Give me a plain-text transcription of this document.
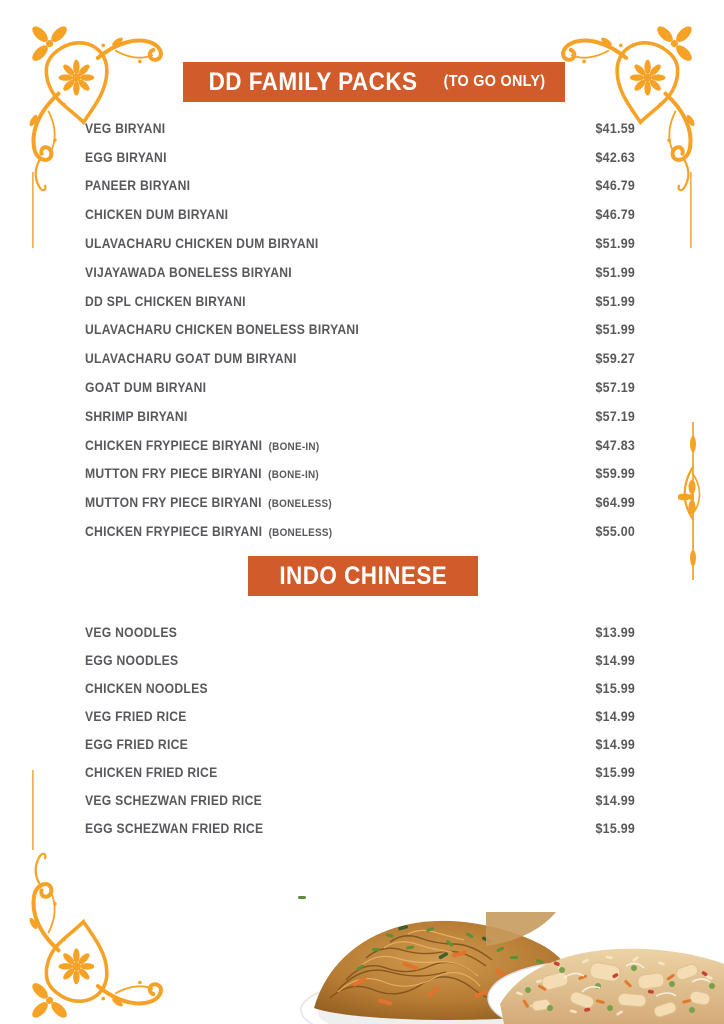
DD FAMILY PACKS (TO GO ONLY)
VEG BIRYANI	$41.59
EGG BIRYANI	$42.63
PANEER BIRYANI	$46.79
CHICKEN DUM BIRYANI	$46.79
ULAVACHARU CHICKEN DUM BIRYANI	$51.99
VIJAYAWADA BONELESS BIRYANI	$51.99
DD SPL CHICKEN BIRYANI	$51.99
ULAVACHARU CHICKEN BONELESS BIRYANI	$51.99
ULAVACHARU GOAT DUM BIRYANI	$59.27
GOAT DUM BIRYANI	$57.19
SHRIMP BIRYANI	$57.19
CHICKEN FRYPIECE BIRYANI (BONE-IN)	$47.83
MUTTON FRY PIECE BIRYANI (BONE-IN)	$59.99
MUTTON FRY PIECE BIRYANI (BONELESS)	$64.99
CHICKEN FRYPIECE BIRYANI (BONELESS)	$55.00
INDO CHINESE
VEG NOODLES	$13.99
EGG NOODLES	$14.99
CHICKEN NOODLES	$15.99
VEG FRIED RICE	$14.99
EGG FRIED RICE	$14.99
CHICKEN FRIED RICE	$15.99
VEG SCHEZWAN FRIED RICE	$14.99
EGG SCHEZWAN FRIED RICE	$15.99
